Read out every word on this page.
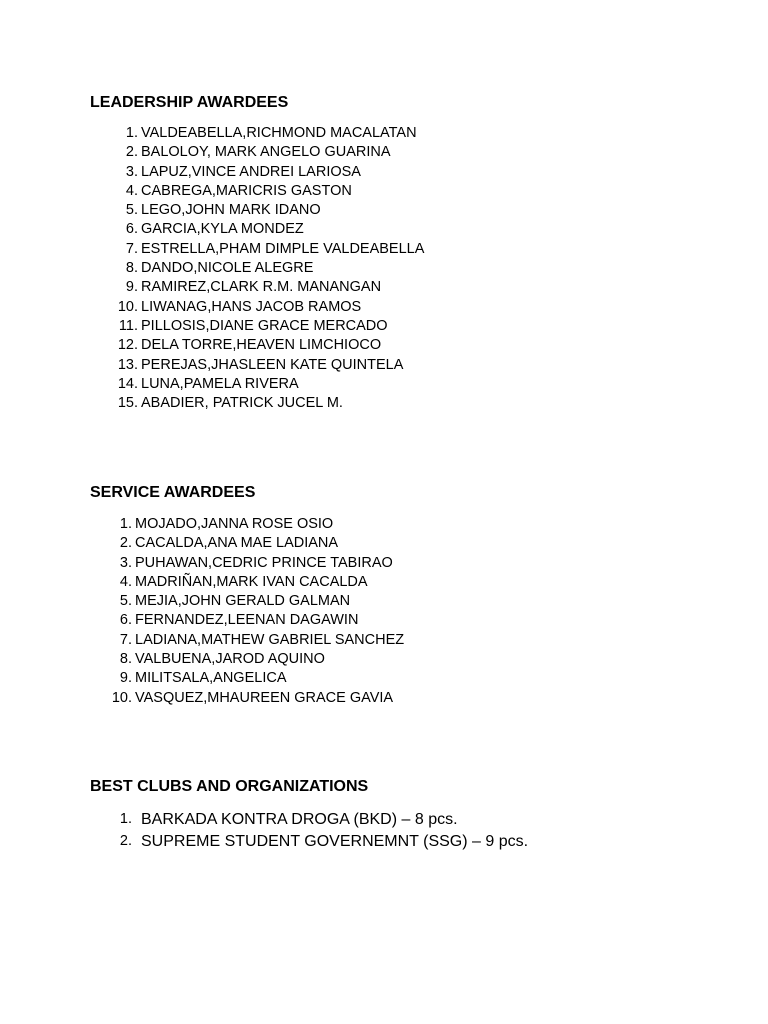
LEADERSHIP AWARDEES
1. VALDEABELLA,RICHMOND MACALATAN
2. BALOLOY, MARK ANGELO GUARINA
3. LAPUZ,VINCE ANDREI LARIOSA
4. CABREGA,MARICRIS GASTON
5. LEGO,JOHN MARK IDANO
6. GARCIA,KYLA MONDEZ
7. ESTRELLA,PHAM DIMPLE VALDEABELLA
8. DANDO,NICOLE ALEGRE
9. RAMIREZ,CLARK R.M. MANANGAN
10. LIWANAG,HANS JACOB RAMOS
11. PILLOSIS,DIANE GRACE MERCADO
12. DELA TORRE,HEAVEN LIMCHIOCO
13. PEREJAS,JHASLEEN KATE QUINTELA
14. LUNA,PAMELA RIVERA
15. ABADIER, PATRICK JUCEL M.
SERVICE AWARDEES
1. MOJADO,JANNA ROSE OSIO
2. CACALDA,ANA MAE LADIANA
3. PUHAWAN,CEDRIC PRINCE TABIRAO
4. MADRIÑAN,MARK IVAN CACALDA
5. MEJIA,JOHN GERALD GALMAN
6. FERNANDEZ,LEENAN DAGAWIN
7. LADIANA,MATHEW GABRIEL SANCHEZ
8. VALBUENA,JAROD AQUINO
9. MILITSALA,ANGELICA
10. VASQUEZ,MHAUREEN GRACE GAVIA
BEST CLUBS AND ORGANIZATIONS
1. BARKADA KONTRA DROGA (BKD) – 8 pcs.
2. SUPREME STUDENT GOVERNEMNT (SSG) – 9 pcs.
